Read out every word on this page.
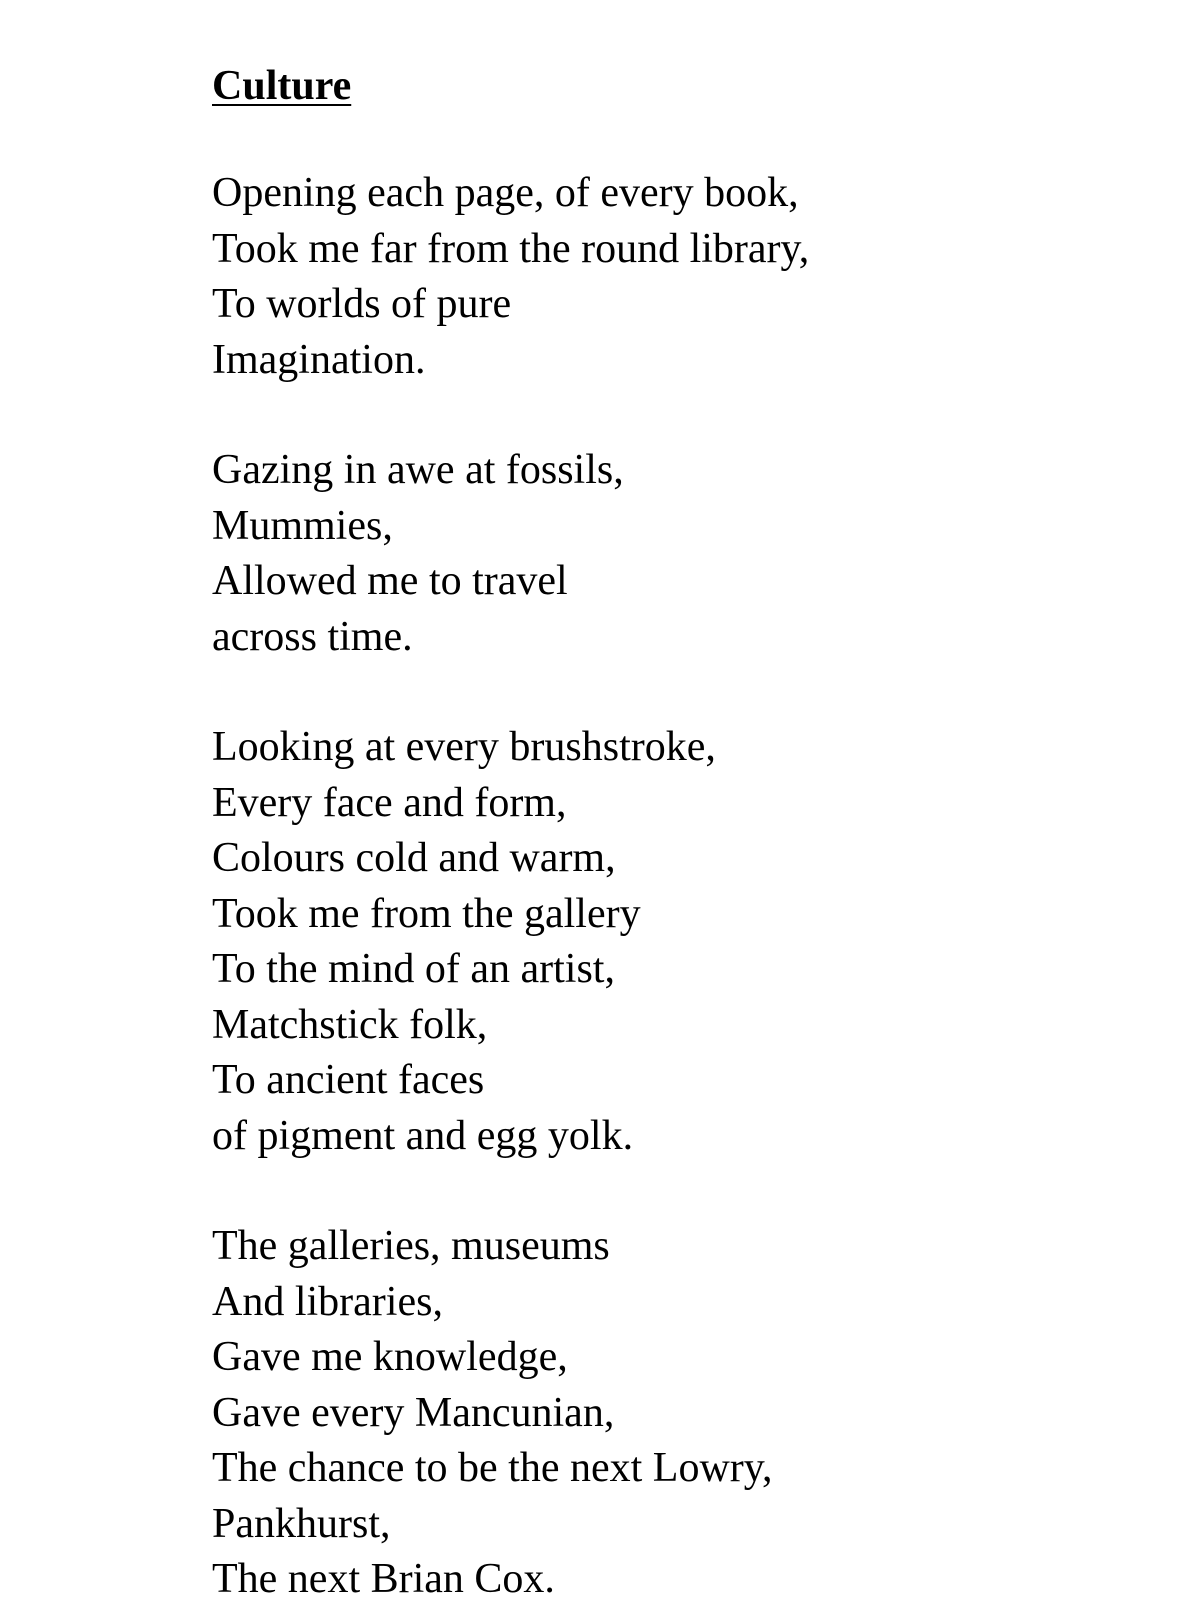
Culture
Opening each page, of every book,
Took me far from the round library,
To worlds of pure
Imagination.
Gazing in awe at fossils,
Mummies,
Allowed me to travel
across time.
Looking at every brushstroke,
Every face and form,
Colours cold and warm,
Took me from the gallery
To the mind of an artist,
Matchstick folk,
To ancient faces
of pigment and egg yolk.
The galleries, museums
And libraries,
Gave me knowledge,
Gave every Mancunian,
The chance to be the next Lowry,
Pankhurst,
The next Brian Cox.
